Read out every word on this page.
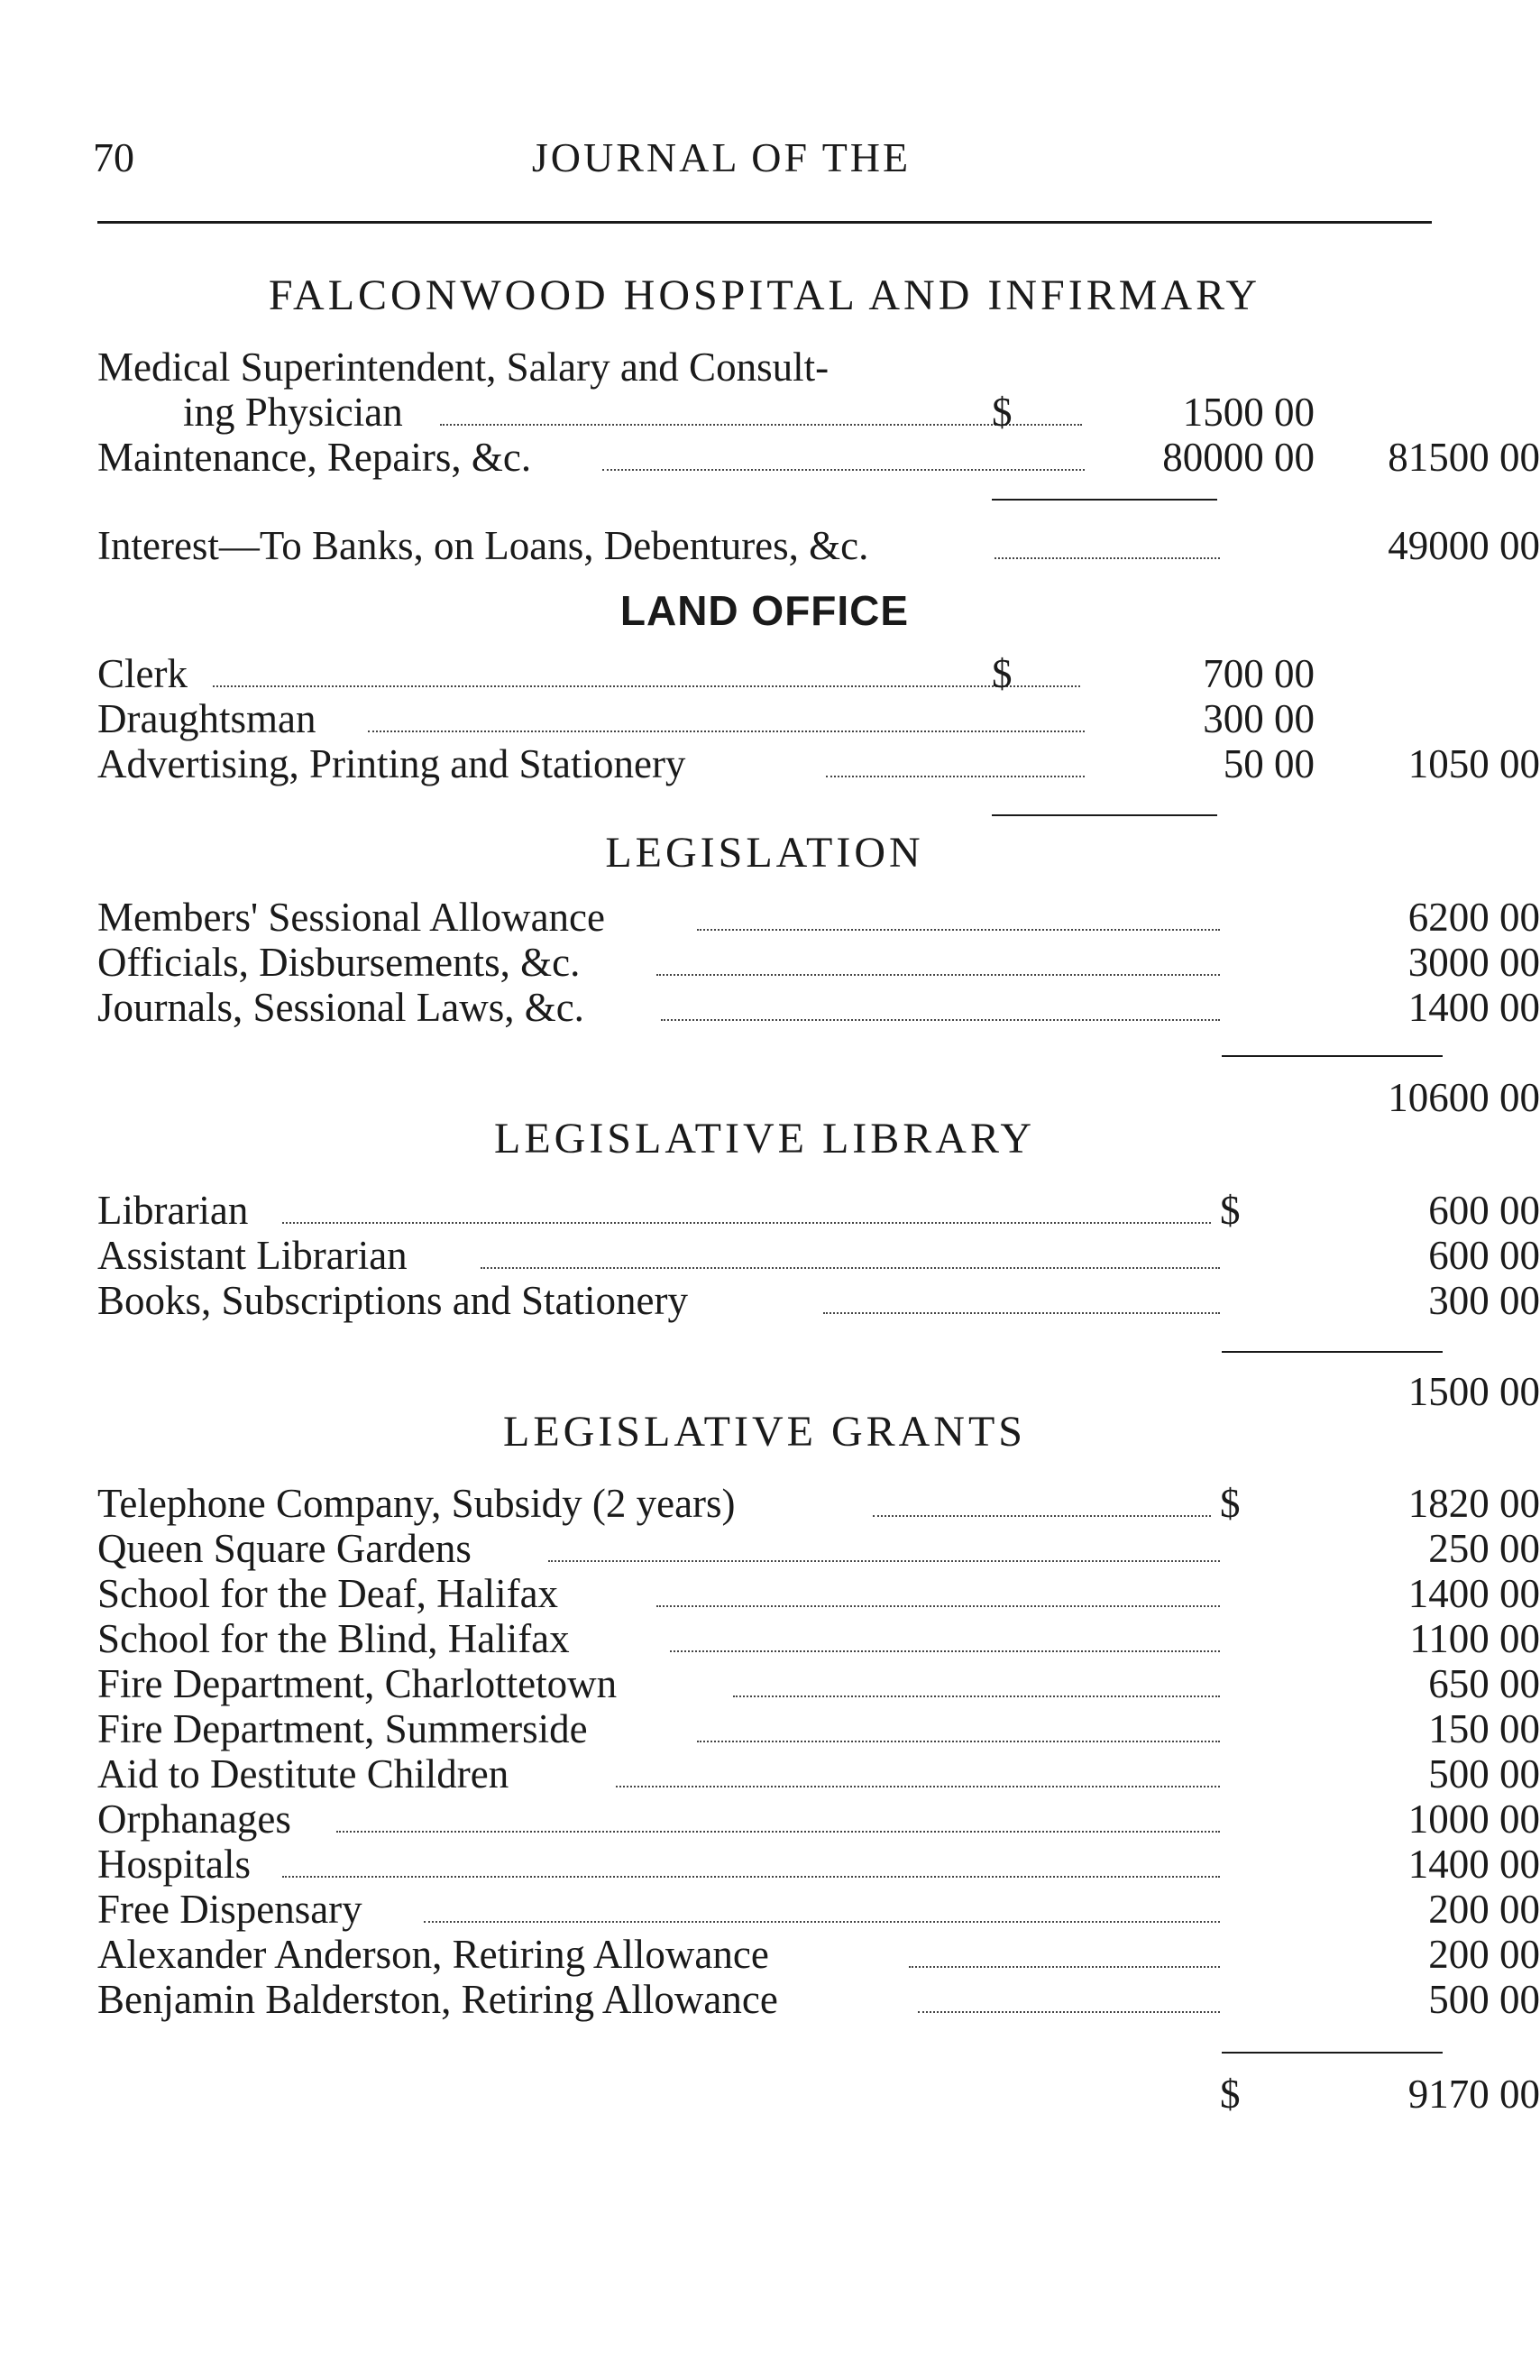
70	JOURNAL OF THE
FALCONWOOD HOSPITAL AND INFIRMARY
Medical Superintendent, Salary and Consult-
ing Physician	$	1500 00
Maintenance, Repairs, &c.	80000 00	81500 00
Interest—To Banks, on Loans, Debentures, &c.	49000 00
LAND OFFICE
Clerk	$	700 00
Draughtsman	300 00
Advertising, Printing and Stationery	50 00	1050 00
LEGISLATION
Members' Sessional Allowance	6200 00
Officials, Disbursements, &c.	3000 00
Journals, Sessional Laws, &c.	1400 00
10600 00
LEGISLATIVE LIBRARY
Librarian	$	600 00
Assistant Librarian	600 00
Books, Subscriptions and Stationery	300 00
1500 00
LEGISLATIVE GRANTS
Telephone Company, Subsidy (2 years)	$	1820 00
Queen Square Gardens	250 00
School for the Deaf, Halifax	1400 00
School for the Blind, Halifax	1100 00
Fire Department, Charlottetown	650 00
Fire Department, Summerside	150 00
Aid to Destitute Children	500 00
Orphanages	1000 00
Hospitals	1400 00
Free Dispensary	200 00
Alexander Anderson, Retiring Allowance	200 00
Benjamin Balderston, Retiring Allowance	500 00
$	9170 00
